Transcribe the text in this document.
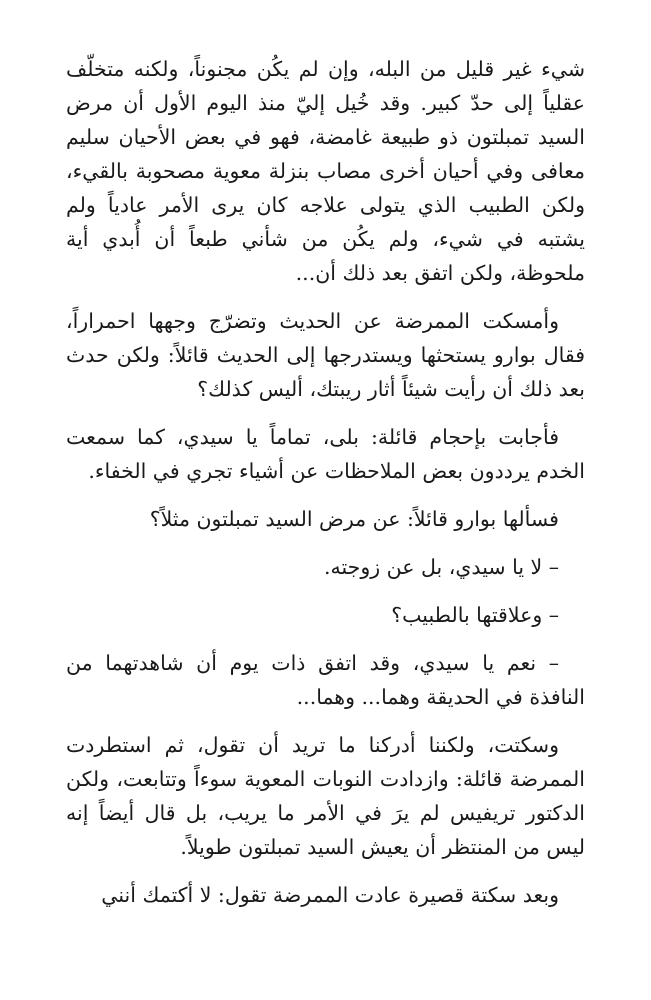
شيء غير قليل من البله، وإن لم يكُن مجنوناً، ولكنه متخلّف عقلياً إلى حدّ كبير. وقد خُيل إليّ منذ اليوم الأول أن مرض السيد تمبلتون ذو طبيعة غامضة، فهو في بعض الأحيان سليم معافى وفي أحيان أخرى مصاب بنزلة معوية مصحوبة بالقيء، ولكن الطبيب الذي يتولى علاجه كان يرى الأمر عادياً ولم يشتبه في شيء، ولم يكُن من شأني طبعاً أن أُبدي أية ملحوظة، ولكن اتفق بعد ذلك أن...

وأمسكت الممرضة عن الحديث وتضرّج وجهها احمراراً، فقال بوارو يستحثها ويستدرجها إلى الحديث قائلاً: ولكن حدث بعد ذلك أن رأيت شيئاً أثار ريبتك، أليس كذلك؟

فأجابت بإحجام قائلة: بلى، تماماً يا سيدي، كما سمعت الخدم يرددون بعض الملاحظات عن أشياء تجري في الخفاء.

فسألها بوارو قائلاً: عن مرض السيد تمبلتون مثلاً؟

– لا يا سيدي، بل عن زوجته.

– وعلاقتها بالطبيب؟

– نعم يا سيدي، وقد اتفق ذات يوم أن شاهدتهما من النافذة في الحديقة وهما... وهما...

وسكتت، ولكننا أدركنا ما تريد أن تقول، ثم استطردت الممرضة قائلة: وازدادت النوبات المعوية سوءاً وتتابعت، ولكن الدكتور تريفيس لم يرَ في الأمر ما يريب، بل قال أيضاً إنه ليس من المنتظر أن يعيش السيد تمبلتون طويلاً.

وبعد سكتة قصيرة عادت الممرضة تقول: لا أكتمك أنني
